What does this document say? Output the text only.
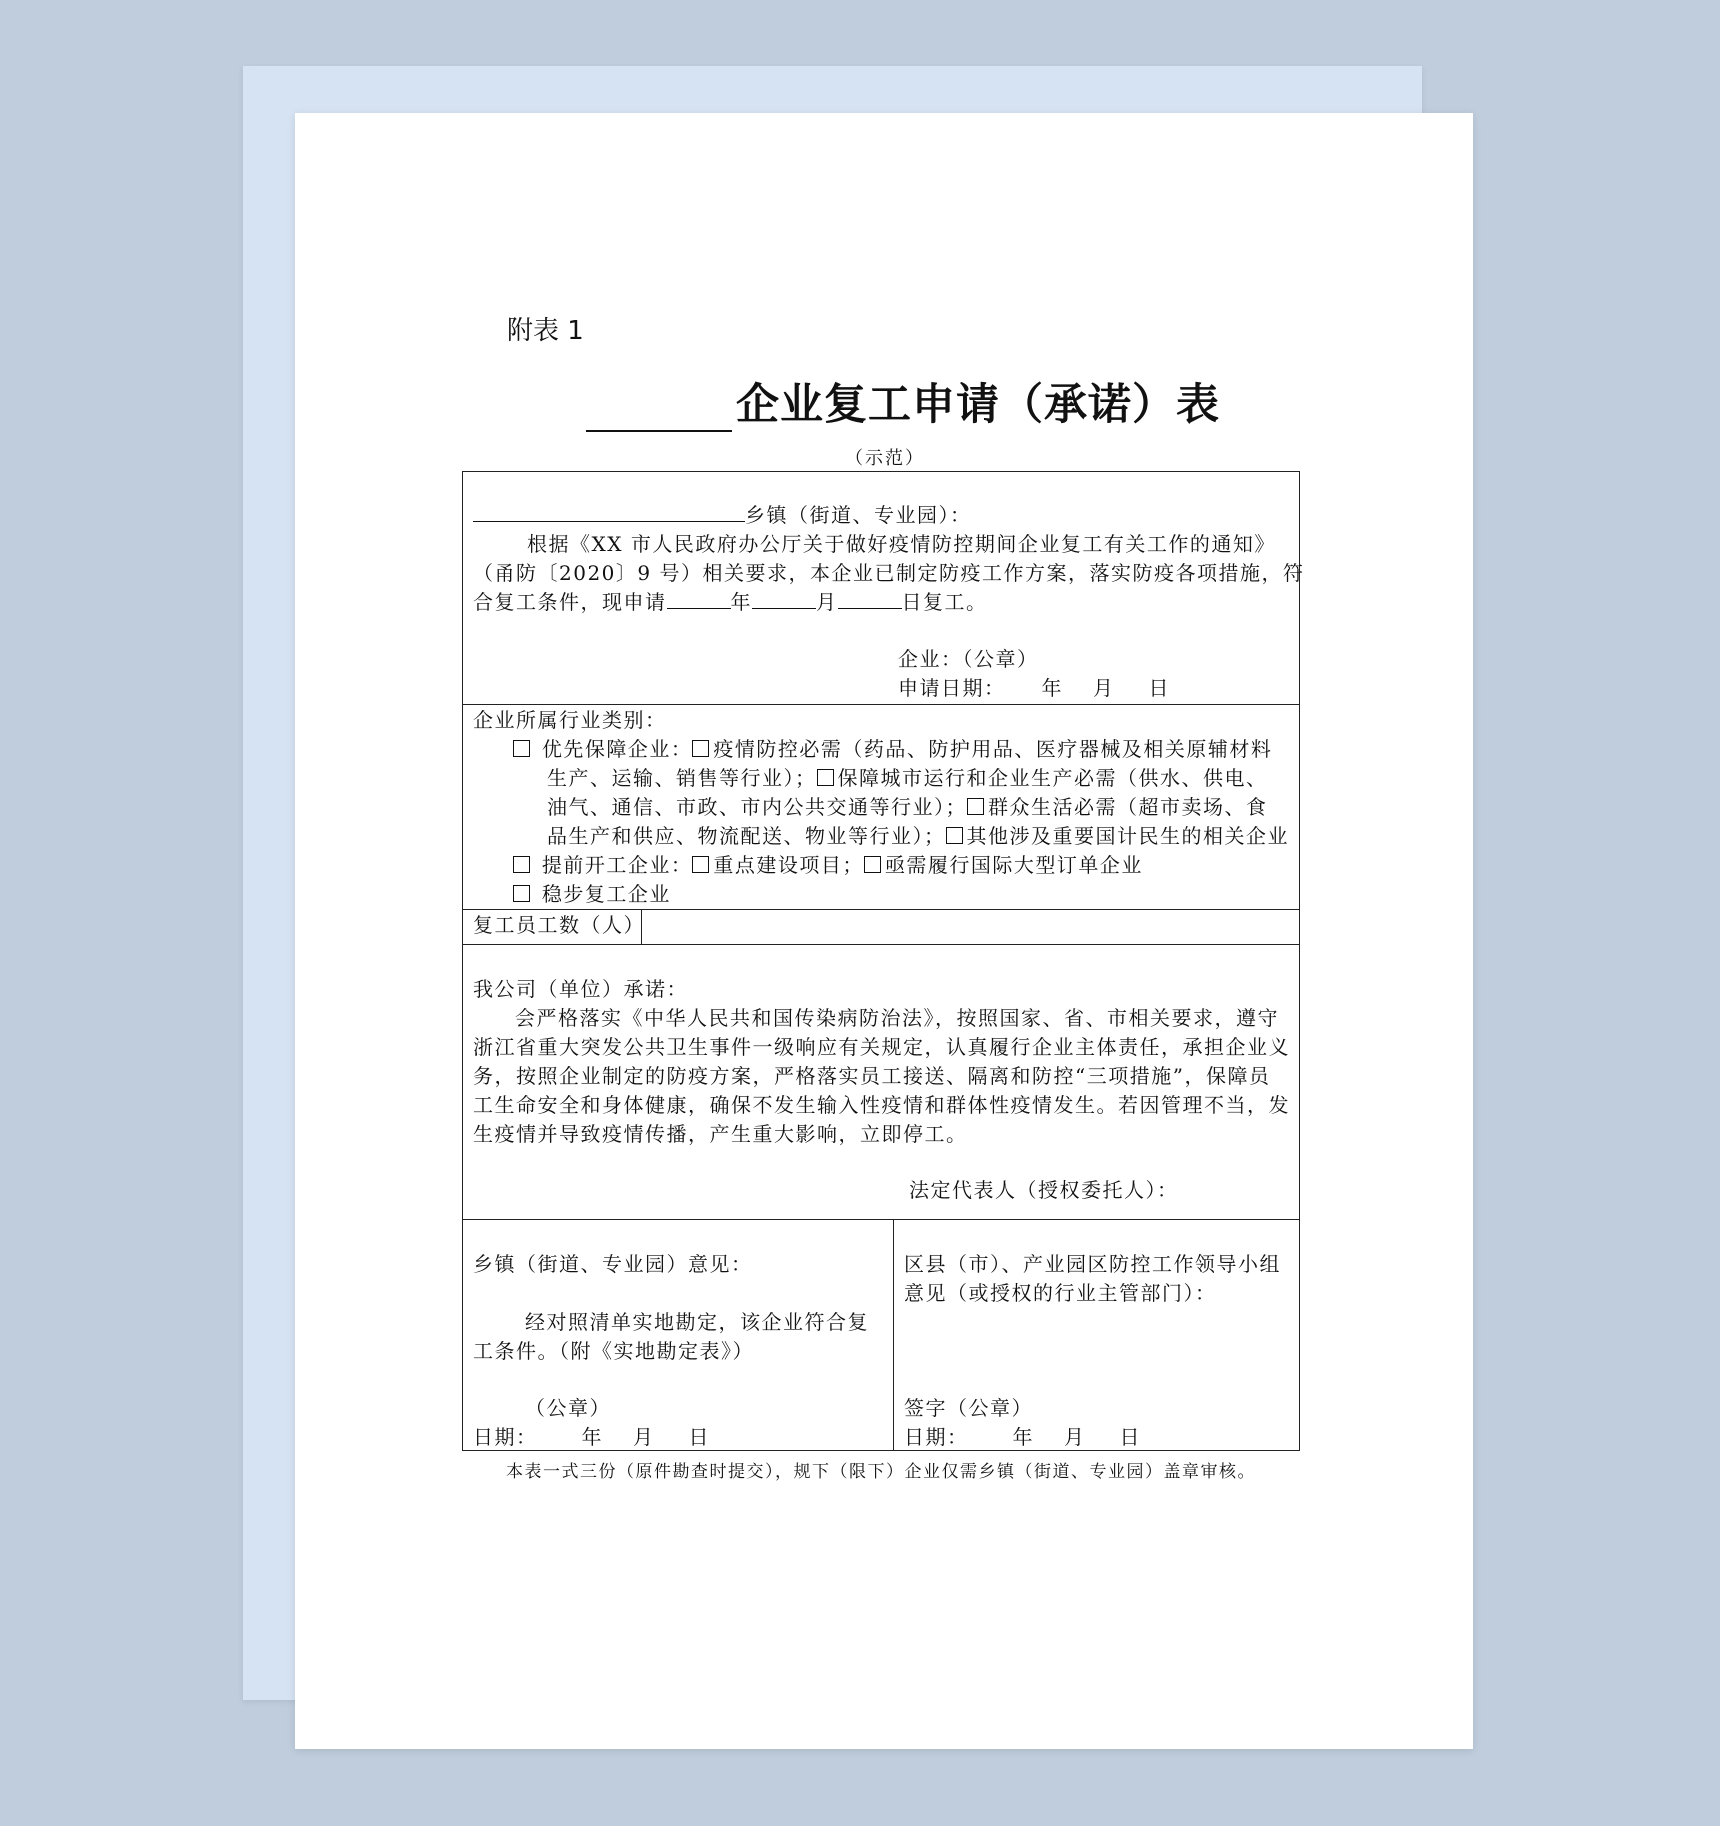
附表 1
企业复工申请（承诺）表
（示范）
乡镇（街道、专业园）：
根据《XX 市人民政府办公厅关于做好疫情防控期间企业复工有关工作的通知》
（甬防〔2020〕9 号）相关要求，本企业已制定防疫工作方案，落实防疫各项措施，符
合复工条件，现申请	年	月	日复工。
企业：（公章）
申请日期： 年 月 日
企业所属行业类别：
优先保障企业： 疫情防控必需（药品、防护用品、医疗器械及相关原辅材料
生产、运输、销售等行业）； 保障城市运行和企业生产必需（供水、供电、
油气、通信、市政、市内公共交通等行业）； 群众生活必需（超市卖场、食
品生产和供应、物流配送、物业等行业）； 其他涉及重要国计民生的相关企业
提前开工企业： 重点建设项目； 亟需履行国际大型订单企业
稳步复工企业
复工员工数（人）
我公司（单位）承诺：
会严格落实《中华人民共和国传染病防治法》，按照国家、省、市相关要求，遵守
浙江省重大突发公共卫生事件一级响应有关规定，认真履行企业主体责任，承担企业义
务，按照企业制定的防疫方案，严格落实员工接送、隔离和防控“三项措施”，保障员
工生命安全和身体健康，确保不发生输入性疫情和群体性疫情发生。若因管理不当，发
生疫情并导致疫情传播，产生重大影响，立即停工。
法定代表人（授权委托人）：
乡镇（街道、专业园）意见：
经对照清单实地勘定，该企业符合复
工条件。（附《实地勘定表》）
（公章）
日期： 年 月 日
区县（市）、产业园区防控工作领导小组
意见（或授权的行业主管部门）：
签字（公章）
日期： 年 月 日
本表一式三份（原件勘查时提交），规下（限下）企业仅需乡镇（街道、专业园）盖章审核。
